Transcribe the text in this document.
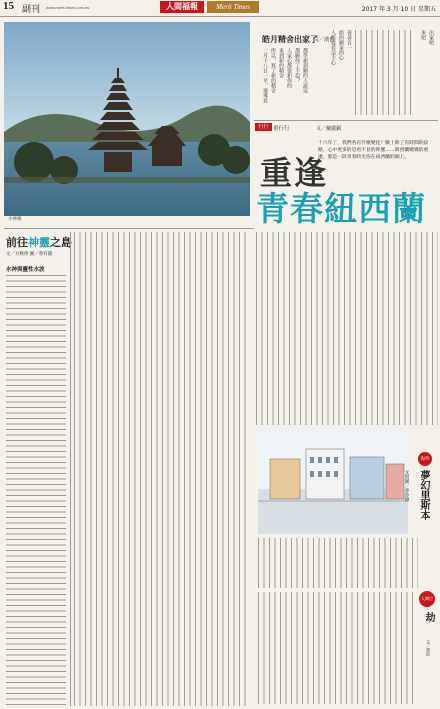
15 副刊 www.merit-times.com.tw	人間福報	Merit Times	2017 年 3 月 10 日 星期五
水神廟
皓月精舍出家了
文／漢也
二月十八日一早，連導看 所以，寫了新的精舍 來到新的精舍 人家心都很和你的 都願你了不起？ 都學新到願的人說這
人能從看這主心 皓的願家的心 善善自一	來吧 出家吧
行行 重行行	文／戴麗釧
十六年了，我們各有什麼變化？臉上除了有時間的紋路，心中更多的是看不見的經歷……與西蘭媽媽的重逢，那是一段青春時光你在紐西蘭的湖上。
重逢
青春紐西蘭
前往神靈之島
文／方秋停 圖／曾有隆
水神與靈性水波
海外
夢幻里斯本
文與圖／李冷辯
人間行
劫
文／賈辰
